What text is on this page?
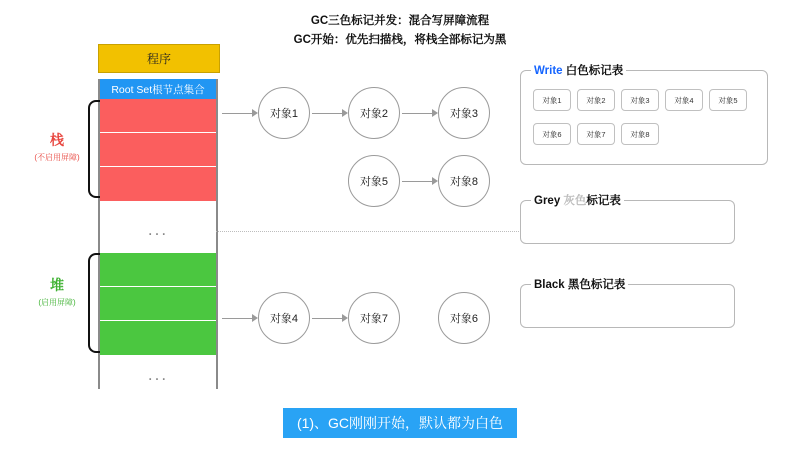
GC三色标记并发：混合写屏障流程
GC开始：优先扫描栈，将栈全部标记为黑
程序
Root Set根节点集合
...
...
栈
(不启用屏障)
堆
(启用屏障)
对象1	对象2	对象3
对象5	对象8
对象4	对象7	对象6
Write 白色标记表
对象1	对象2	对象3	对象4	对象5
对象6	对象7	对象8
Grey 灰色标记表
Black 黑色标记表
(1)、GC刚刚开始，默认都为白色
